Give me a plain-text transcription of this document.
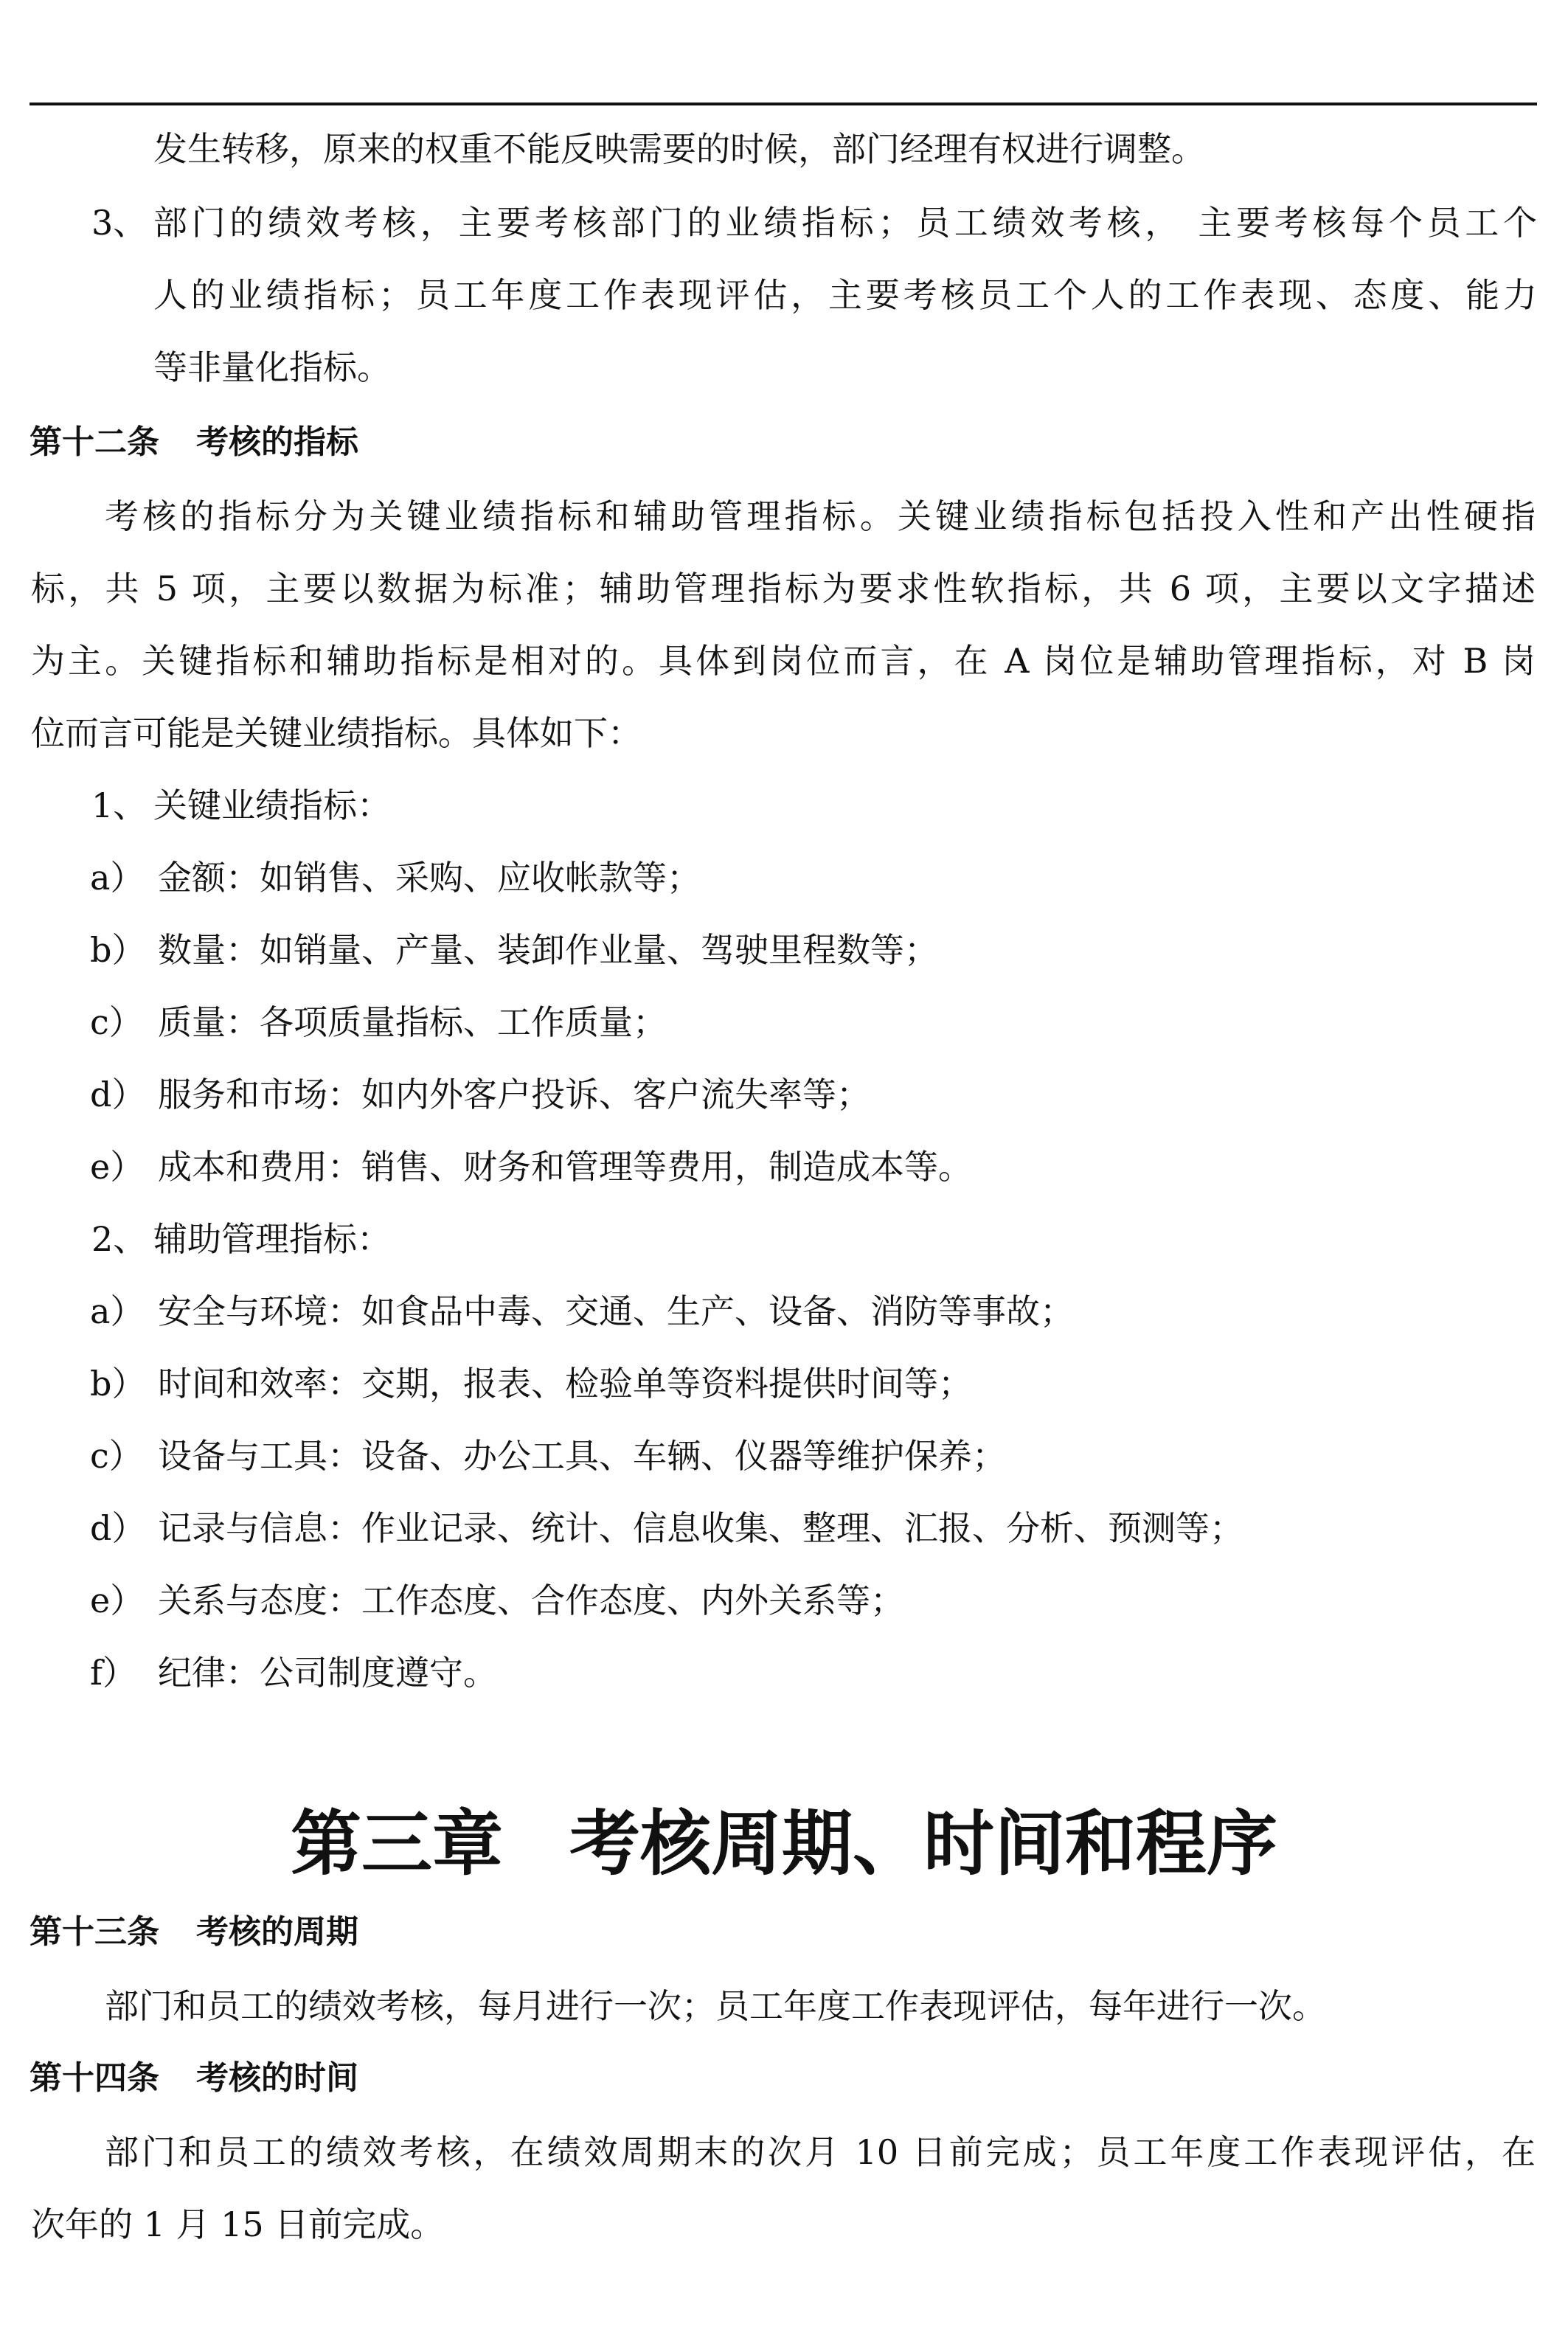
发生转移，原来的权重不能反映需要的时候，部门经理有权进行调整。
3、 部门的绩效考核，主要考核部门的业绩指标；员工绩效考核， 主要考核每个员工个
人的业绩指标；员工年度工作表现评估，主要考核员工个人的工作表现、态度、能力
等非量化指标。
第十二条 考核的指标
考核的指标分为关键业绩指标和辅助管理指标。关键业绩指标包括投入性和产出性硬指
标，共 5 项，主要以数据为标准；辅助管理指标为要求性软指标，共 6 项，主要以文字描述
为主。关键指标和辅助指标是相对的。具体到岗位而言，在 A 岗位是辅助管理指标，对 B 岗
位而言可能是关键业绩指标。具体如下：
1、 关键业绩指标：
a） 金额：如销售、采购、应收帐款等；
b） 数量：如销量、产量、装卸作业量、驾驶里程数等；
c） 质量：各项质量指标、工作质量；
d） 服务和市场：如内外客户投诉、客户流失率等；
e） 成本和费用：销售、财务和管理等费用，制造成本等。
2、 辅助管理指标：
a） 安全与环境：如食品中毒、交通、生产、设备、消防等事故；
b） 时间和效率：交期，报表、检验单等资料提供时间等；
c） 设备与工具：设备、办公工具、车辆、仪器等维护保养；
d） 记录与信息：作业记录、统计、信息收集、整理、汇报、分析、预测等；
e） 关系与态度：工作态度、合作态度、内外关系等；
f） 纪律：公司制度遵守。
第三章 考核周期、时间和程序
第十三条 考核的周期
部门和员工的绩效考核，每月进行一次；员工年度工作表现评估，每年进行一次。
第十四条 考核的时间
部门和员工的绩效考核，在绩效周期末的次月 10 日前完成；员工年度工作表现评估，在
次年的 1 月 15 日前完成。
